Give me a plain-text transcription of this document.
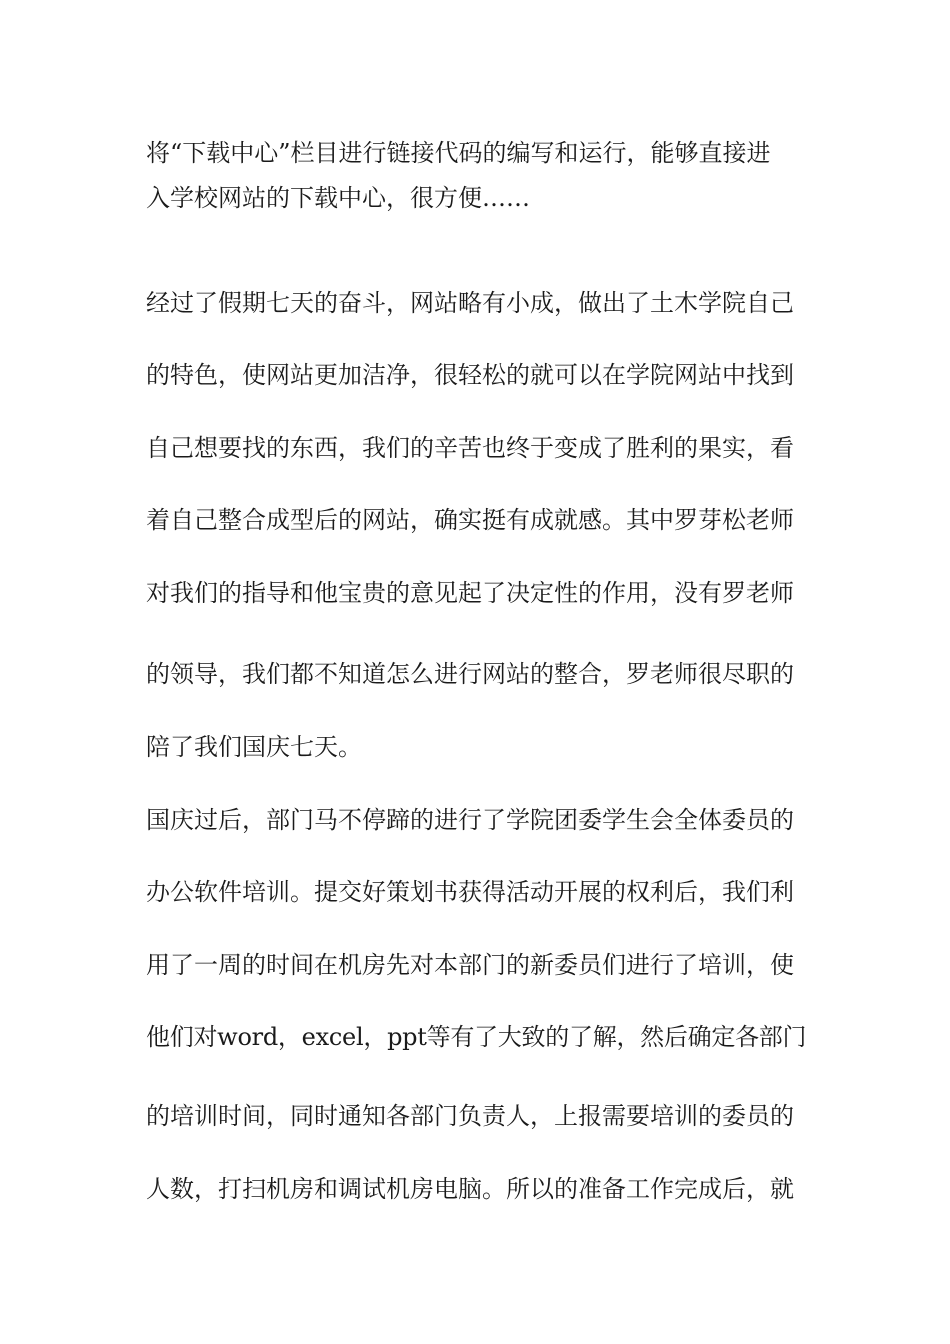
将“下载中心”栏目进行链接代码的编写和运行，能够直接进
入学校网站的下载中心，很方便……
经过了假期七天的奋斗，网站略有小成，做出了土木学院自己
的特色，使网站更加洁净，很轻松的就可以在学院网站中找到
自己想要找的东西，我们的辛苦也终于变成了胜利的果实，看
着自己整合成型后的网站，确实挺有成就感。其中罗芽松老师
对我们的指导和他宝贵的意见起了决定性的作用，没有罗老师
的领导，我们都不知道怎么进行网站的整合，罗老师很尽职的
陪了我们国庆七天。
国庆过后，部门马不停蹄的进行了学院团委学生会全体委员的
办公软件培训。提交好策划书获得活动开展的权利后，我们利
用了一周的时间在机房先对本部门的新委员们进行了培训，使
他们对word，excel，ppt等有了大致的了解，然后确定各部门
的培训时间，同时通知各部门负责人，上报需要培训的委员的
人数，打扫机房和调试机房电脑。所以的准备工作完成后，就
